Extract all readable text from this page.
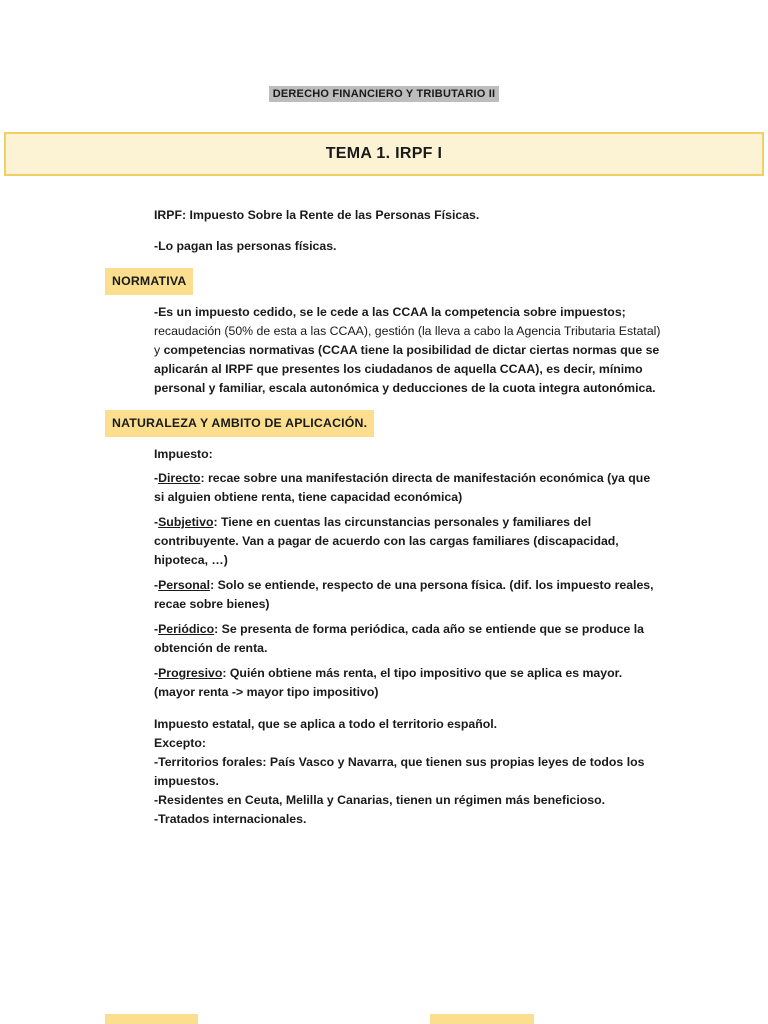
DERECHO FINANCIERO Y TRIBUTARIO II
TEMA 1. IRPF I

IRPF: Impuesto Sobre la Rente de las Personas Físicas.

-Lo pagan las personas físicas.

NORMATIVA

-Es un impuesto cedido, se le cede a las CCAA la competencia sobre impuestos; recaudación (50% de esta a las CCAA), gestión (la lleva a cabo la Agencia Tributaria Estatal) y competencias normativas (CCAA tiene la posibilidad de dictar ciertas normas que se aplicarán al IRPF que presentes los ciudadanos de aquella CCAA), es decir, mínimo personal y familiar, escala autonómica y deducciones de la cuota integra autonómica.

NATURALEZA Y AMBITO DE APLICACIÓN.

Impuesto:

-Directo: recae sobre una manifestación directa de manifestación económica (ya que si alguien obtiene renta, tiene capacidad económica)

-Subjetivo: Tiene en cuentas las circunstancias personales y familiares del contribuyente. Van a pagar de acuerdo con las cargas familiares (discapacidad, hipoteca, …)

-Personal: Solo se entiende, respecto de una persona física. (dif. los impuesto reales, recae sobre bienes)

-Periódico: Se presenta de forma periódica, cada año se entiende que se produce la obtención de renta.

-Progresivo: Quién obtiene más renta, el tipo impositivo que se aplica es mayor. (mayor renta -> mayor tipo impositivo)

Impuesto estatal, que se aplica a todo el territorio español.

Excepto:

-Territorios forales: País Vasco y Navarra, que tienen sus propias leyes de todos los impuestos.

-Residentes en Ceuta, Melilla y Canarias, tienen un régimen más beneficioso.

-Tratados internacionales.
